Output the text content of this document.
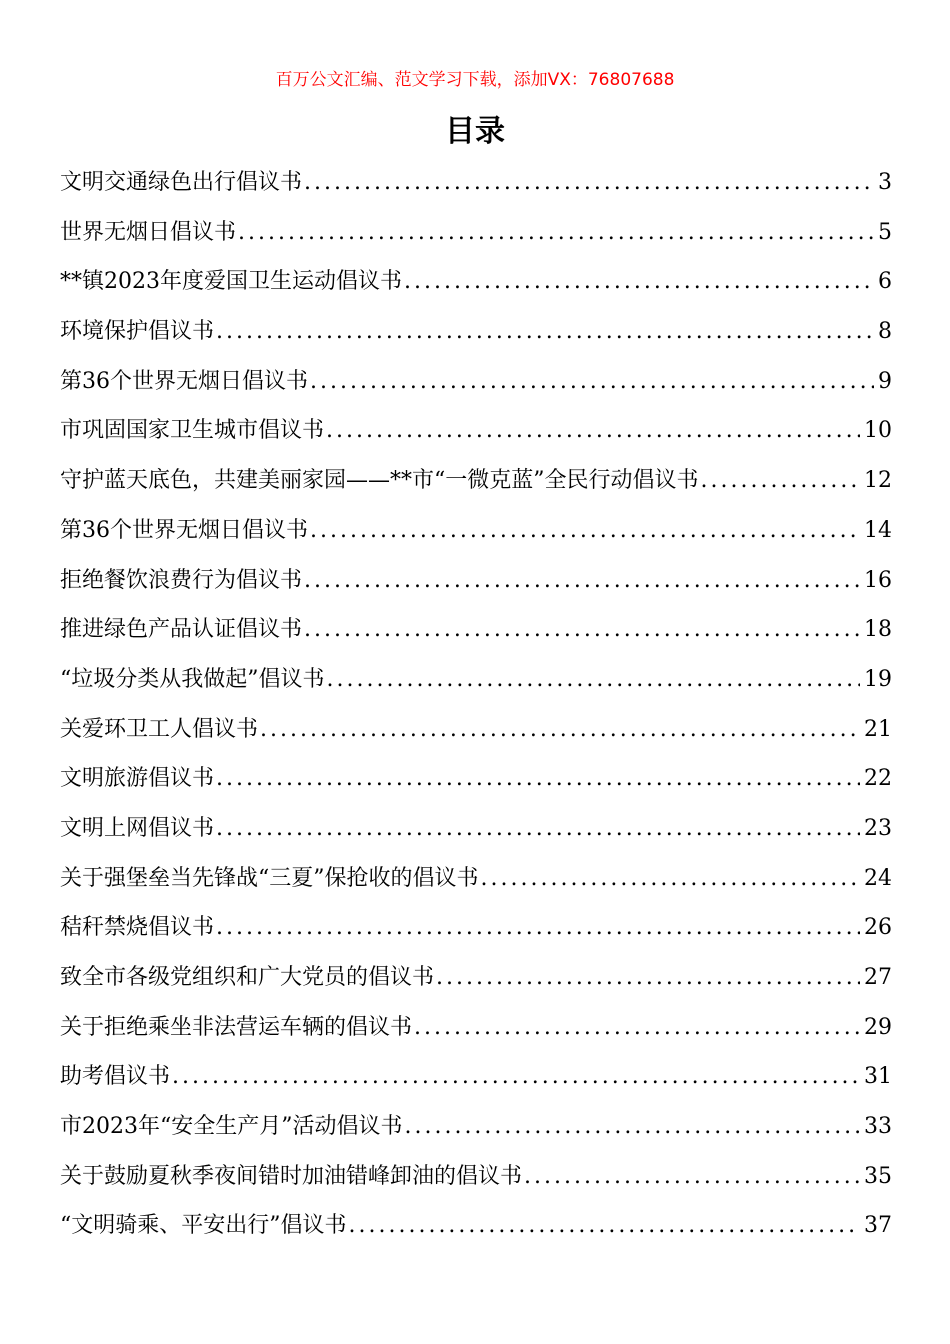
百万公文汇编、范文学习下载，添加VX：76807688
目录
文明交通绿色出行倡议书 .....	3
世界无烟日倡议书 .....	5
**镇2023年度爱国卫生运动倡议书 .....	6
环境保护倡议书 .....	8
第36个世界无烟日倡议书 .....	9
市巩固国家卫生城市倡议书 .....	10
守护蓝天底色，共建美丽家园——**市“一微克蓝”全民行动倡议书 .....	12
第36个世界无烟日倡议书 .....	14
拒绝餐饮浪费行为倡议书 .....	16
推进绿色产品认证倡议书 .....	18
“垃圾分类从我做起”倡议书 .....	19
关爱环卫工人倡议书 .....	21
文明旅游倡议书 .....	22
文明上网倡议书 .....	23
关于强堡垒当先锋战“三夏”保抢收的倡议书 .....	24
秸秆禁烧倡议书 .....	26
致全市各级党组织和广大党员的倡议书 .....	27
关于拒绝乘坐非法营运车辆的倡议书 .....	29
助考倡议书 .....	31
市2023年“安全生产月”活动倡议书 .....	33
关于鼓励夏秋季夜间错时加油错峰卸油的倡议书 .....	35
“文明骑乘、平安出行”倡议书 .....	37
